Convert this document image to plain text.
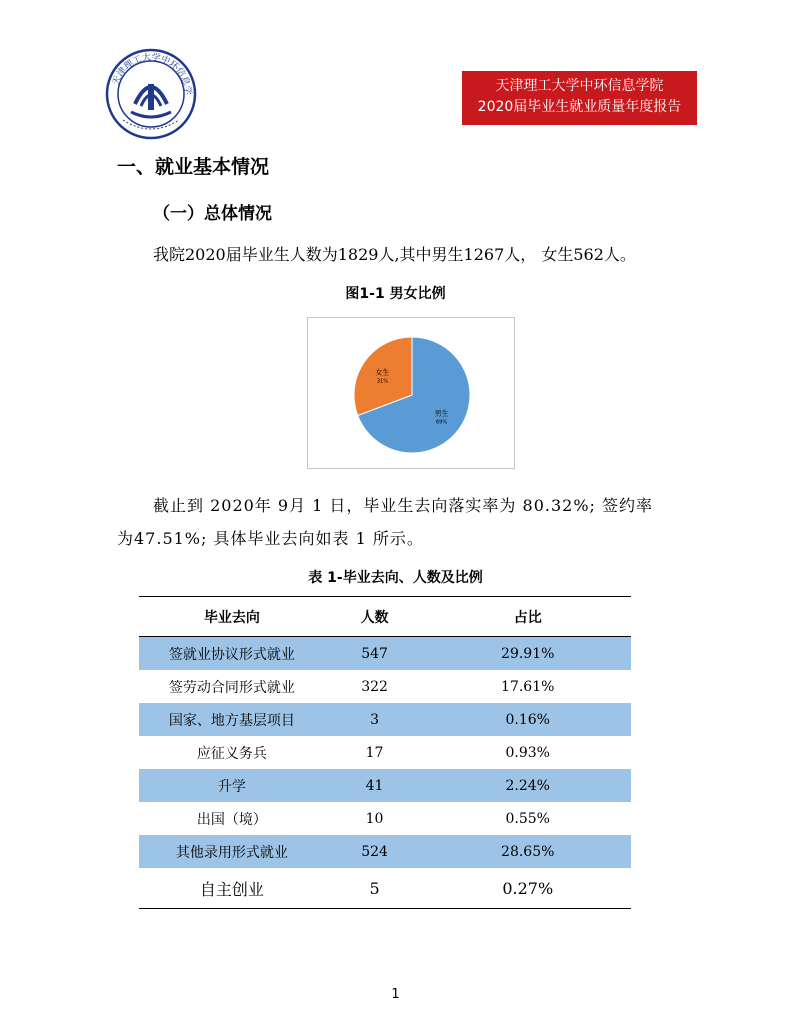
天津理工大学中环信息学	天津理工大学中环信息学院
2020届毕业生就业质量年度报告
一、就业基本情况
（一）总体情况
我院2020届毕业生人数为1829人,其中男生1267人， 女生562人。
图1-1 男女比例
男生
69%
女生
31%
截止到 2020年 9月 1 日，毕业生去向落实率为 80.32%; 签约率
为47.51%; 具体毕业去向如表 1 所示。
表 1-毕业去向、人数及比例
毕业去向	人数	占比
签就业协议形式就业	547	29.91%
签劳动合同形式就业	322	17.61%
国家、地方基层项目	3	0.16%
应征义务兵	17	0.93%
升学	41	2.24%
出国（境）	10	0.55%
其他录用形式就业	524	28.65%
自主创业	5	0.27%
1
